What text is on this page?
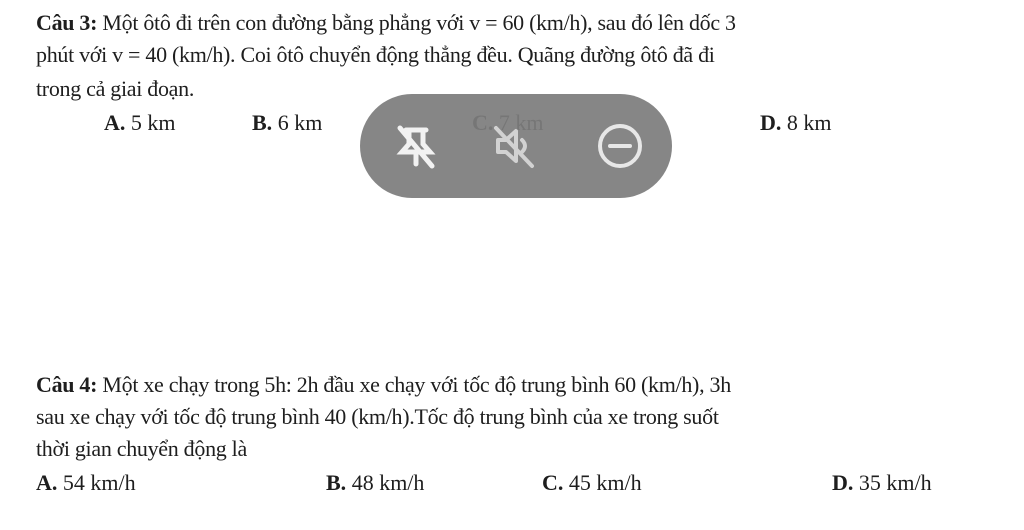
Câu 3: Một ôtô đi trên con đường bằng phẳng với v = 60 (km/h), sau đó lên dốc 3
phút với v = 40 (km/h). Coi ôtô chuyển động thẳng đều. Quãng đường ôtô đã đi
trong cả giai đoạn.
A. 5 km	B. 6 km	D. 8 km
Câu 4: Một xe chạy trong 5h: 2h đầu xe chạy với tốc độ trung bình 60 (km/h), 3h
sau xe chạy với tốc độ trung bình 40 (km/h).Tốc độ trung bình của xe trong suốt
thời gian chuyển động là
A. 54 km/h	B. 48 km/h	C. 45 km/h	D. 35 km/h
